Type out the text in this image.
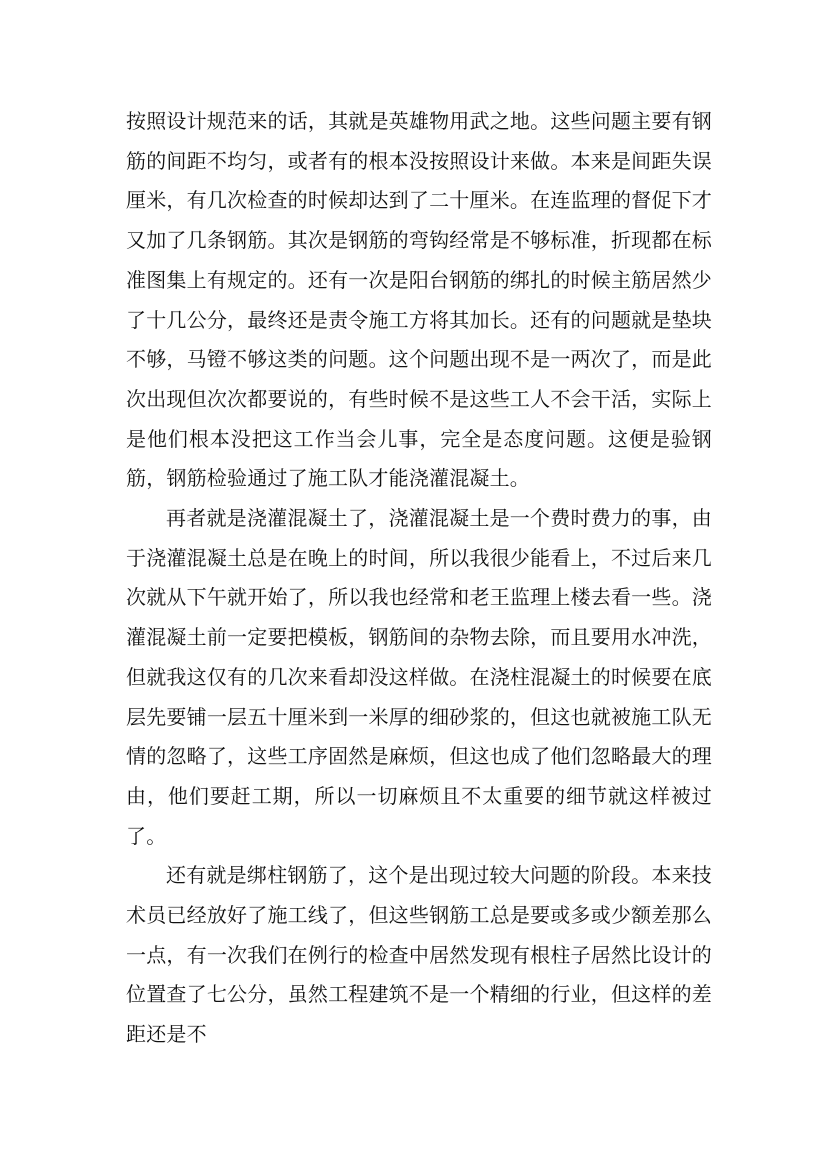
按照设计规范来的话，其就是英雄物用武之地。这些问题主要有钢筋的间距不均匀，或者有的根本没按照设计来做。本来是间距失误厘米，有几次检查的时候却达到了二十厘米。在连监理的督促下才又加了几条钢筋。其次是钢筋的弯钩经常是不够标准，折现都在标准图集上有规定的。还有一次是阳台钢筋的绑扎的时候主筋居然少了十几公分，最终还是责令施工方将其加长。还有的问题就是垫块不够，马镫不够这类的问题。这个问题出现不是一两次了，而是此次出现但次次都要说的，有些时候不是这些工人不会干活，实际上是他们根本没把这工作当会儿事，完全是态度问题。这便是验钢筋，钢筋检验通过了施工队才能浇灌混凝土。

再者就是浇灌混凝土了，浇灌混凝土是一个费时费力的事，由于浇灌混凝土总是在晚上的时间，所以我很少能看上，不过后来几次就从下午就开始了，所以我也经常和老王监理上楼去看一些。浇灌混凝土前一定要把模板，钢筋间的杂物去除，而且要用水冲洗，但就我这仅有的几次来看却没这样做。在浇柱混凝土的时候要在底层先要铺一层五十厘米到一米厚的细砂浆的，但这也就被施工队无情的忽略了，这些工序固然是麻烦，但这也成了他们忽略最大的理由，他们要赶工期，所以一切麻烦且不太重要的细节就这样被过了。

还有就是绑柱钢筋了，这个是出现过较大问题的阶段。本来技术员已经放好了施工线了，但这些钢筋工总是要或多或少额差那么一点，有一次我们在例行的检查中居然发现有根柱子居然比设计的位置查了七公分，虽然工程建筑不是一个精细的行业，但这样的差距还是不
